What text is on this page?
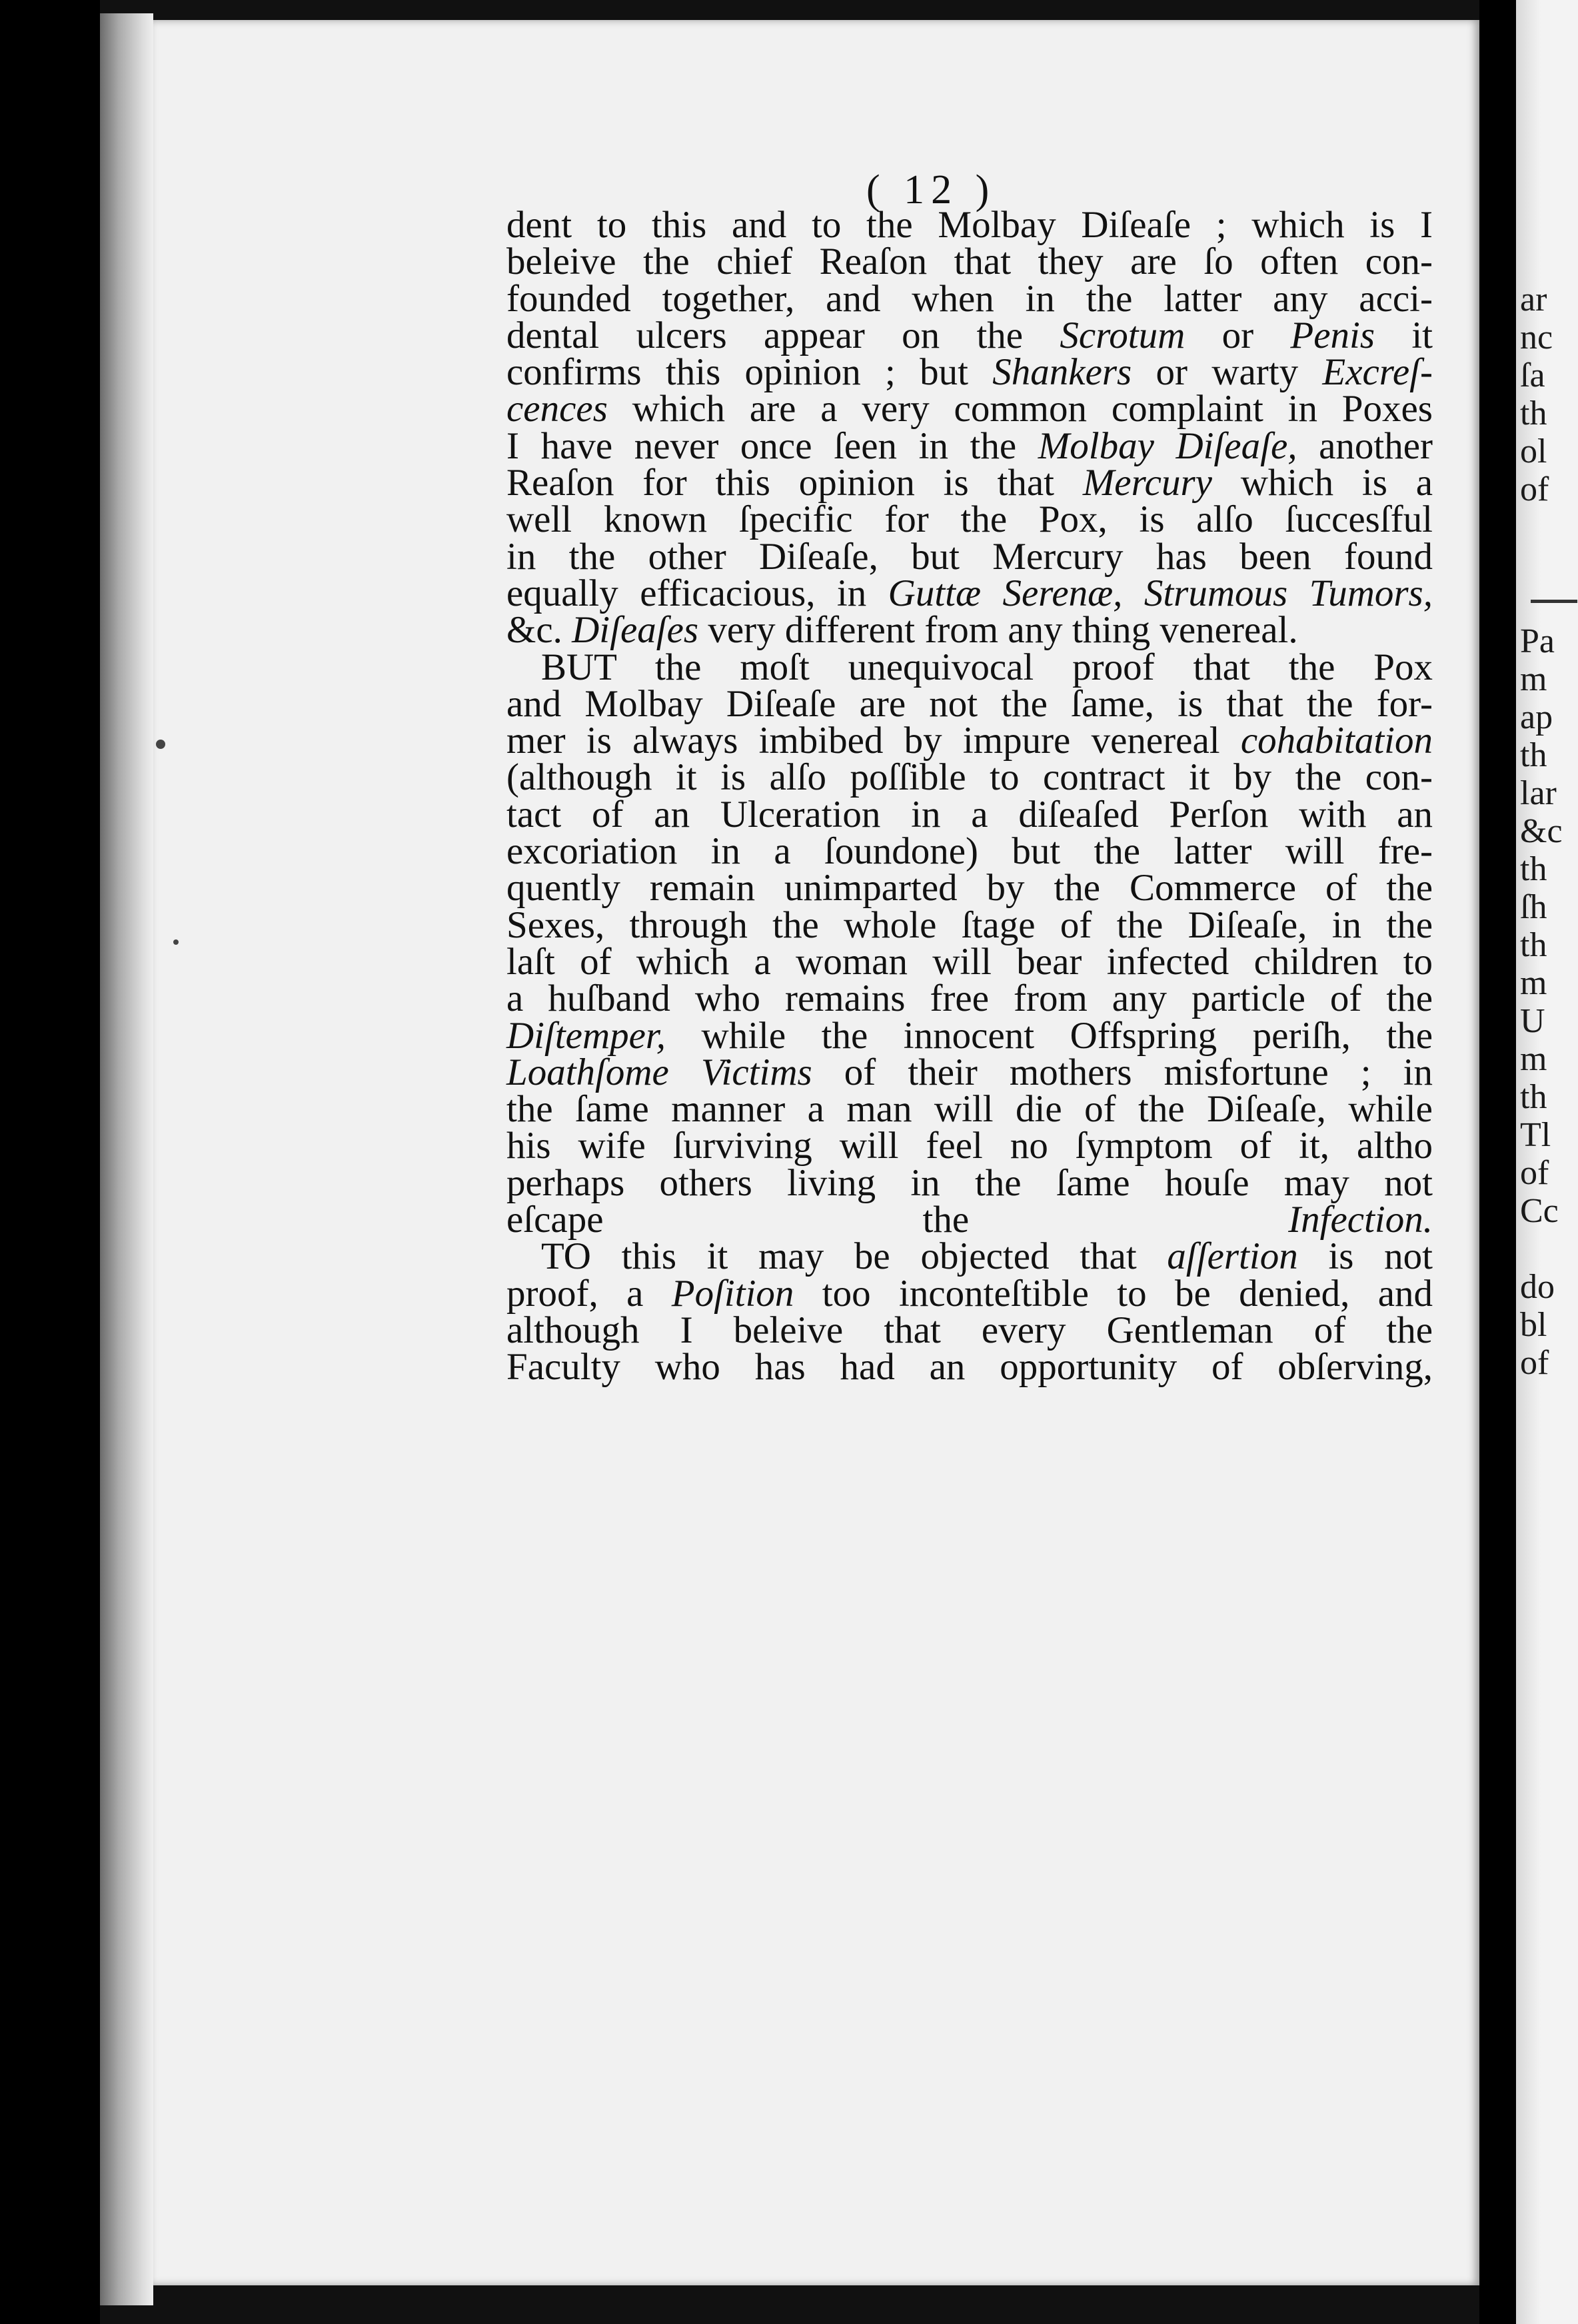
( 12 )
dent to this and to the Molbay Diſeaſe ; which is I
beleive the chief Reaſon that they are ſo often con-
founded together, and when in the latter any acci-
dental ulcers appear on the Scrotum or Penis it
confirms this opinion ; but Shankers or warty Excreſ-
cences which are a very common complaint in Poxes
I have never once ſeen in the Molbay Diſeaſe, another
Reaſon for this opinion is that Mercury which is a
well known ſpecific for the Pox, is alſo ſuccesſful
in the other Diſeaſe, but Mercury has been found
equally efficacious, in Guttæ Serenæ, Strumous Tumors,
&c. Diſeaſes very different from any thing venereal.
BUT the moſt unequivocal proof that the Pox
and Molbay Diſeaſe are not the ſame, is that the for-
mer is always imbibed by impure venereal cohabitation
(although it is alſo poſſible to contract it by the con-
tact of an Ulceration in a diſeaſed Perſon with an
excoriation in a ſoundone) but the latter will fre-
quently remain unimparted by the Commerce of the
Sexes, through the whole ſtage of the Diſeaſe, in the
laſt of which a woman will bear infected children to
a huſband who remains free from any particle of the
Diſtemper, while the innocent Offspring periſh, the
Loathſome Victims of their mothers misfortune ; in
the ſame manner a man will die of the Diſeaſe, while
his wife ſurviving will feel no ſymptom of it, altho
perhaps others living in the ſame houſe may not
eſcape the Infection.
TO this it may be objected that aſſertion is not
proof, a Poſition too inconteſtible to be denied, and
although I beleive that every Gentleman of the
Faculty who has had an opportunity of obſerving,
ar
nc
ſa
th
ol
of
Pa
m
ap
th
lar
&c
th
ſh
th
m
U
m
th
Tl
of
Cc
do
bl
of
